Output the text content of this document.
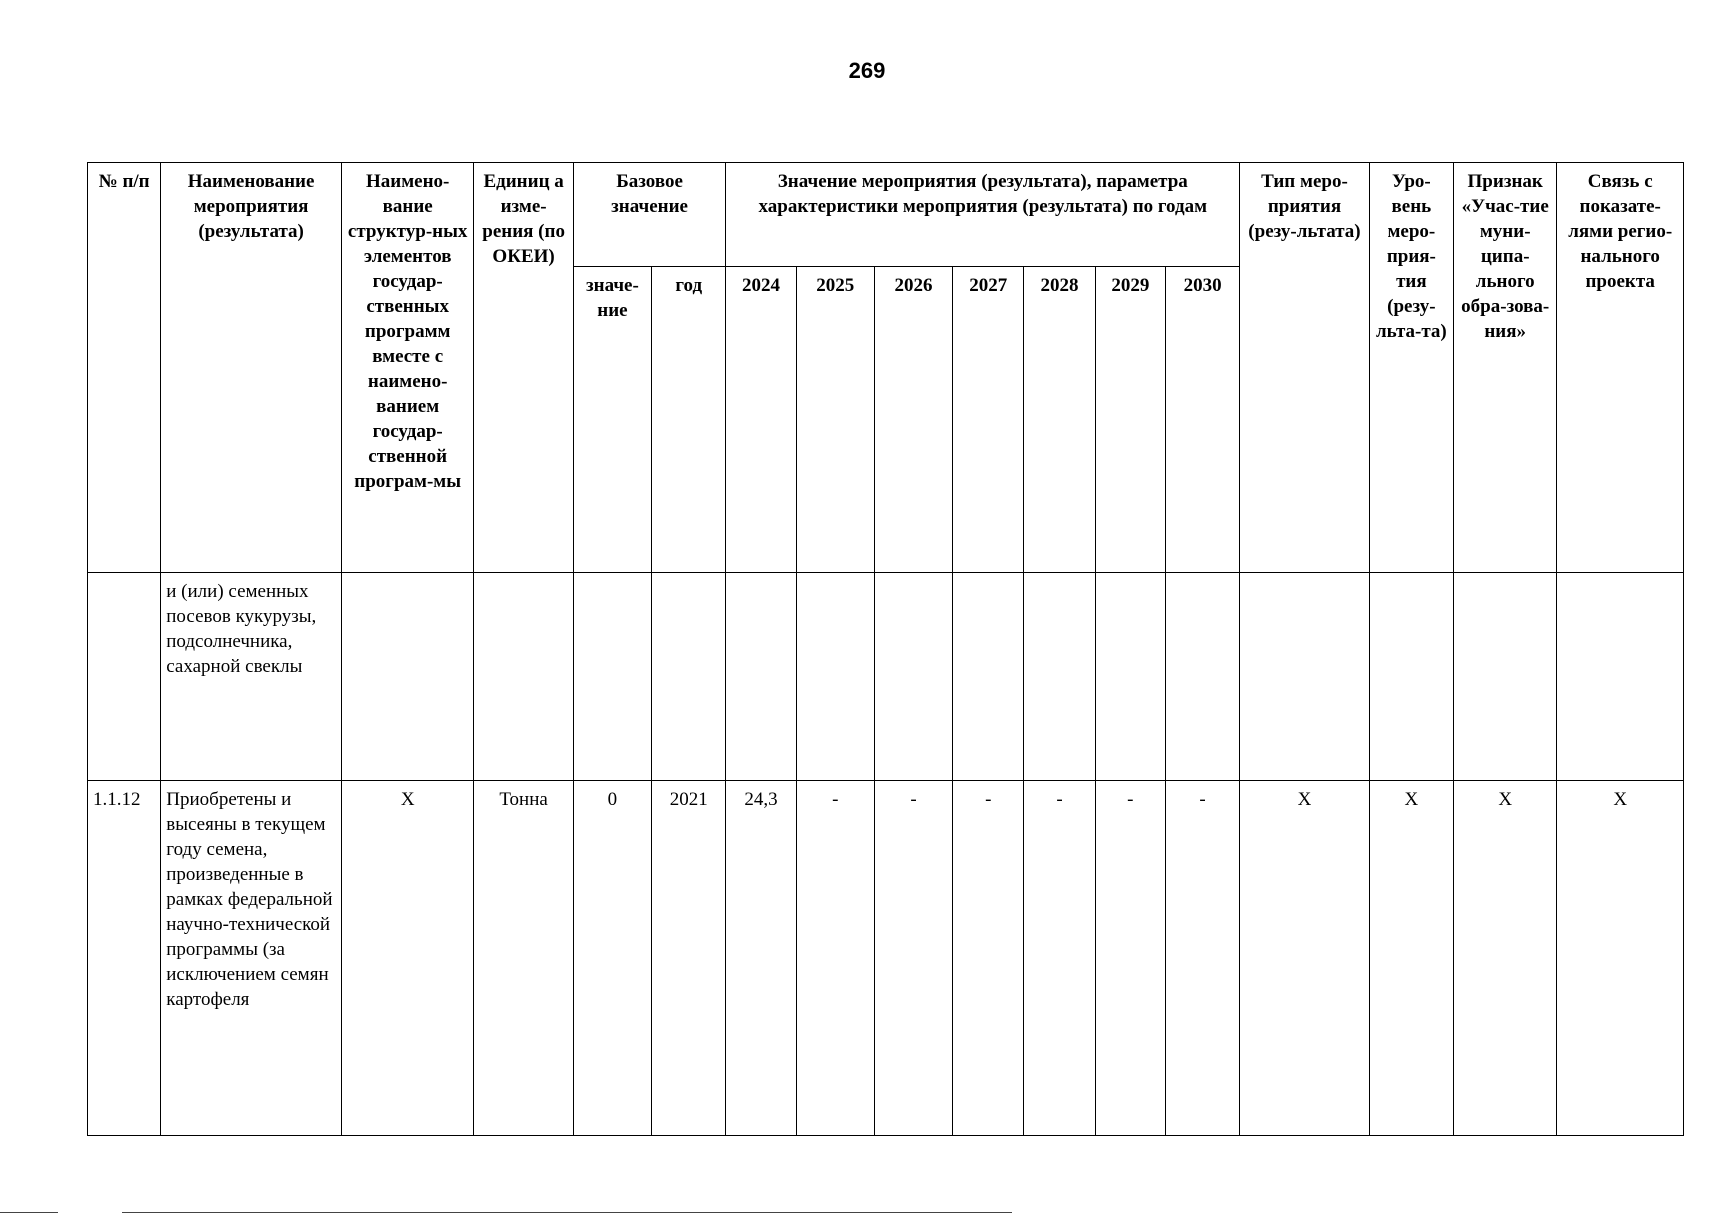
269
№ п/п	Наименование мероприятия (результата)	Наимено-вание структур-ных элементов государ-ственных программ вместе с наимено-ванием государ-ственной програм-мы	Единиц а изме-рения (по ОКЕИ)	Базовое значение		Значение мероприятия (результата), параметра характеристики мероприятия (результата) по годам							Тип меро-приятия (резу-льтата)	Уро-вень меро-прия-тия (резу-льта-та)	Признак «Учас-тие муни-ципа-льного обра-зова-ния»	Связь с показате-лями регио-нального проекта
				значе-ние	год	2024	2025	2026	2027	2028	2029	2030				
	и (или) семенных посевов кукурузы, подсолнечника, сахарной свеклы															
1.1.12	Приобретены и высеяны в текущем году семена, произведенные в рамках федеральной научно-технической программы (за исключением семян картофеля	Х	Тонна	0	2021	24,3	-	-	-	-	-	-	Х	Х	Х	Х
